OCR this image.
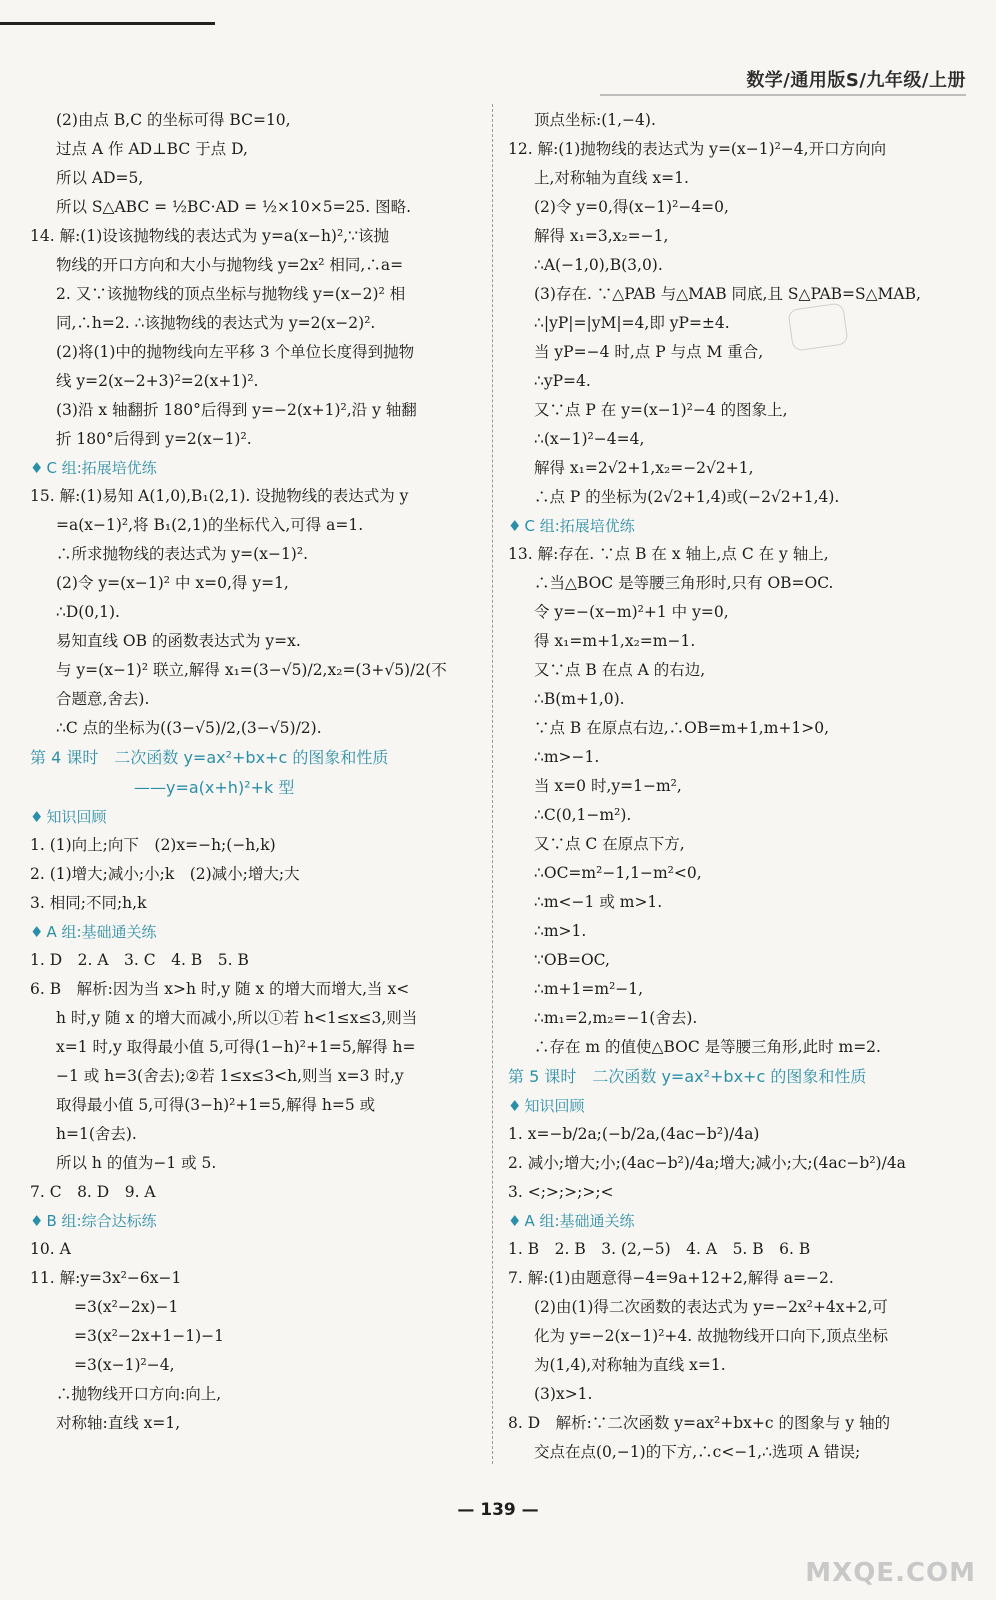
数学/通用版S/九年级/上册
(2)由点 B,C 的坐标可得 BC=10,
过点 A 作 AD⊥BC 于点 D,
所以 AD=5,
所以 S△ABC = ½BC·AD = ½×10×5=25. 图略.
14. 解:(1)设该抛物线的表达式为 y=a(x−h)²,∵该抛
物线的开口方向和大小与抛物线 y=2x² 相同,∴a=
2. 又∵该抛物线的顶点坐标与抛物线 y=(x−2)² 相
同,∴h=2. ∴该抛物线的表达式为 y=2(x−2)².
(2)将(1)中的抛物线向左平移 3 个单位长度得到抛物
线 y=2(x−2+3)²=2(x+1)².
(3)沿 x 轴翻折 180°后得到 y=−2(x+1)²,沿 y 轴翻
折 180°后得到 y=2(x−1)².
♦ C 组:拓展培优练
15. 解:(1)易知 A(1,0),B₁(2,1). 设抛物线的表达式为 y
=a(x−1)²,将 B₁(2,1)的坐标代入,可得 a=1.
∴所求抛物线的表达式为 y=(x−1)².
(2)令 y=(x−1)² 中 x=0,得 y=1,
∴D(0,1).
易知直线 OB 的函数表达式为 y=x.
与 y=(x−1)² 联立,解得 x₁=(3−√5)/2,x₂=(3+√5)/2(不
合题意,舍去).
∴C 点的坐标为((3−√5)/2,(3−√5)/2).
第 4 课时　二次函数 y=ax²+bx+c 的图象和性质
——y=a(x+h)²+k 型
♦ 知识回顾
1. (1)向上;向下　(2)x=−h;(−h,k)
2. (1)增大;减小;小;k　(2)减小;增大;大
3. 相同;不同;h,k
♦ A 组:基础通关练
1. D　2. A　3. C　4. B　5. B
6. B　解析:因为当 x>h 时,y 随 x 的增大而增大,当 x<
h 时,y 随 x 的增大而减小,所以①若 h<1≤x≤3,则当
x=1 时,y 取得最小值 5,可得(1−h)²+1=5,解得 h=
−1 或 h=3(舍去);②若 1≤x≤3<h,则当 x=3 时,y
取得最小值 5,可得(3−h)²+1=5,解得 h=5 或
h=1(舍去).
所以 h 的值为−1 或 5.
7. C　8. D　9. A
♦ B 组:综合达标练
10. A
11. 解:y=3x²−6x−1
=3(x²−2x)−1
=3(x²−2x+1−1)−1
=3(x−1)²−4,
∴抛物线开口方向:向上,
对称轴:直线 x=1,
顶点坐标:(1,−4).
12. 解:(1)抛物线的表达式为 y=(x−1)²−4,开口方向向
上,对称轴为直线 x=1.
(2)令 y=0,得(x−1)²−4=0,
解得 x₁=3,x₂=−1,
∴A(−1,0),B(3,0).
(3)存在. ∵△PAB 与△MAB 同底,且 S△PAB=S△MAB,
∴|yP|=|yM|=4,即 yP=±4.
当 yP=−4 时,点 P 与点 M 重合,
∴yP=4.
又∵点 P 在 y=(x−1)²−4 的图象上,
∴(x−1)²−4=4,
解得 x₁=2√2+1,x₂=−2√2+1,
∴点 P 的坐标为(2√2+1,4)或(−2√2+1,4).
♦ C 组:拓展培优练
13. 解:存在. ∵点 B 在 x 轴上,点 C 在 y 轴上,
∴当△BOC 是等腰三角形时,只有 OB=OC.
令 y=−(x−m)²+1 中 y=0,
得 x₁=m+1,x₂=m−1.
又∵点 B 在点 A 的右边,
∴B(m+1,0).
∵点 B 在原点右边,∴OB=m+1,m+1>0,
∴m>−1.
当 x=0 时,y=1−m²,
∴C(0,1−m²).
又∵点 C 在原点下方,
∴OC=m²−1,1−m²<0,
∴m<−1 或 m>1.
∴m>1.
∵OB=OC,
∴m+1=m²−1,
∴m₁=2,m₂=−1(舍去).
∴存在 m 的值使△BOC 是等腰三角形,此时 m=2.
第 5 课时　二次函数 y=ax²+bx+c 的图象和性质
♦ 知识回顾
1. x=−b/2a;(−b/2a,(4ac−b²)/4a)
2. 减小;增大;小;(4ac−b²)/4a;增大;减小;大;(4ac−b²)/4a
3. <;>;>;>;<
♦ A 组:基础通关练
1. B　2. B　3. (2,−5)　4. A　5. B　6. B
7. 解:(1)由题意得−4=9a+12+2,解得 a=−2.
(2)由(1)得二次函数的表达式为 y=−2x²+4x+2,可
化为 y=−2(x−1)²+4. 故抛物线开口向下,顶点坐标
为(1,4),对称轴为直线 x=1.
(3)x>1.
8. D　解析:∵二次函数 y=ax²+bx+c 的图象与 y 轴的
交点在点(0,−1)的下方,∴c<−1,∴选项 A 错误;
— 139 —
MXQE.COM
